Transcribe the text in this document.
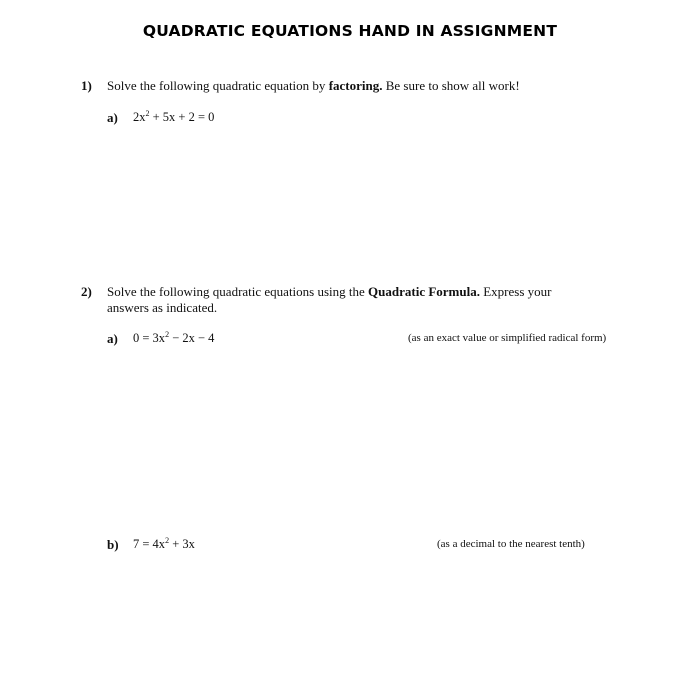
QUADRATIC EQUATIONS HAND IN ASSIGNMENT
1) Solve the following quadratic equation by factoring. Be sure to show all work!
a) $2x^2 + 5x + 2 = 0$
2) Solve the following quadratic equations using the Quadratic Formula. Express your answers as indicated.
a) $0 = 3x^2 - 2x - 4$	(as an exact value or simplified radical form)
b) $7 = 4x^2 + 3x$	(as a decimal to the nearest tenth)
